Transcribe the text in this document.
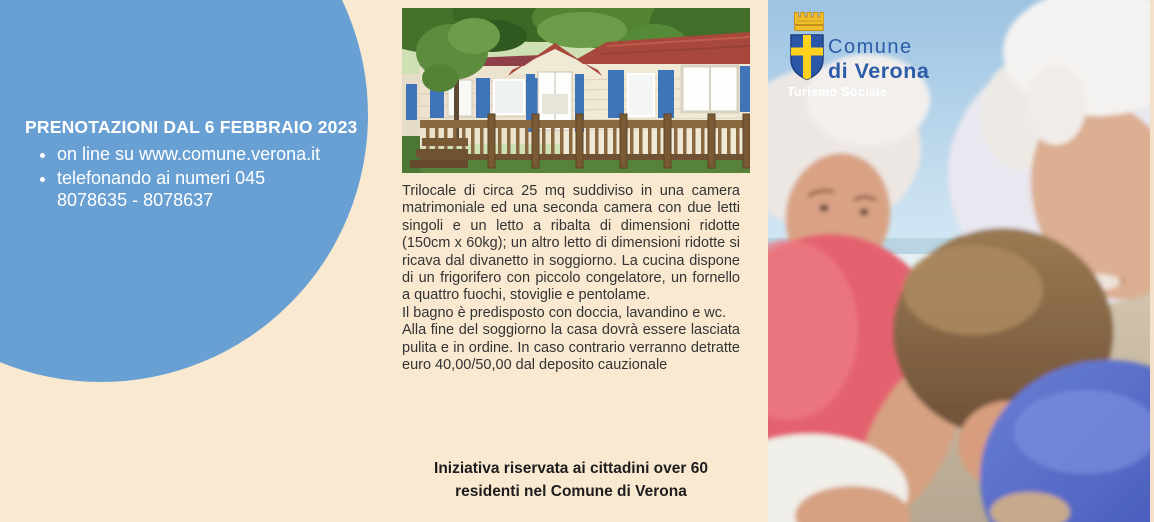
PRENOTAZIONI DAL 6 FEBBRAIO 2023
• on line su www.comune.verona.it
• telefonando ai numeri 045
8078635 - 8078637	Trilocale di circa 25 mq suddiviso in una camera matrimoniale ed una seconda camera con due letti singoli e un letto a ribalta di dimensioni ridotte (150cm x 60kg); un altro letto di dimensioni ridotte si ricava dal divanetto in soggiorno. La cucina dispone di un frigorifero con piccolo congelatore, un fornello a quattro fuochi, stoviglie e pentolame.

Il bagno è predisposto con doccia, lavandino e wc.

Alla fine del soggiorno la casa dovrà essere lasciata pulita e in ordine. In caso contrario verranno detratte euro 40,00/50,00 dal deposito cauzionale

Iniziativa riservata ai cittadini over 60
residenti nel Comune di Verona
Comune
di Verona
Turismo Sociale
